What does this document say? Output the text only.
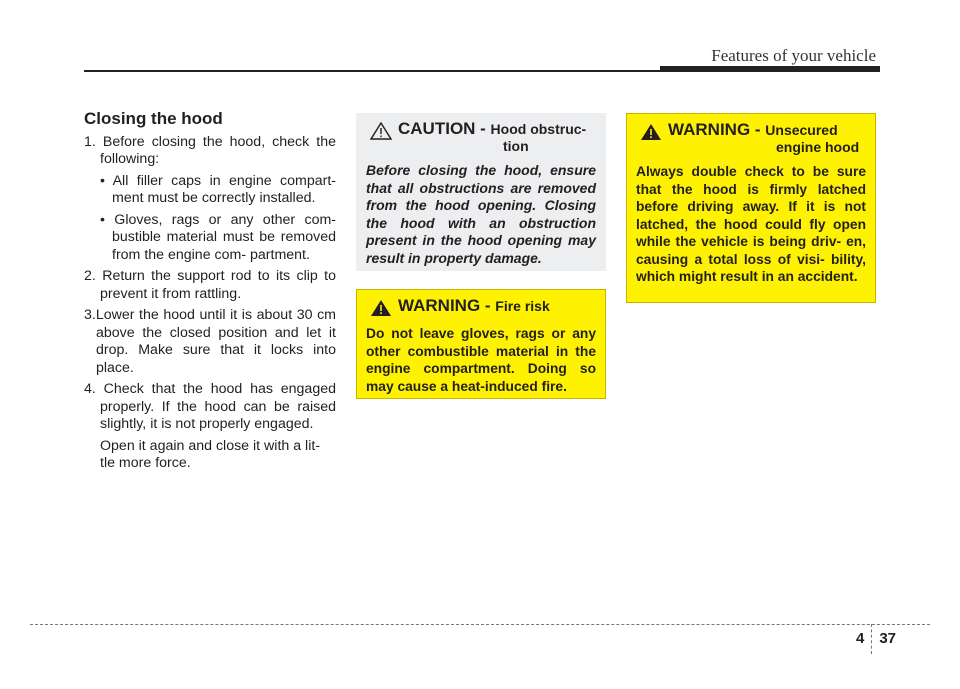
Features of your vehicle
Closing the hood
1. Before closing the hood, check the following:
• All filler caps in engine compart- ment must be correctly installed.
• Gloves, rags or any other com- bustible material must be removed from the engine com- partment.
2. Return the support rod to its clip to prevent it from rattling.
3.Lower the hood until it is about 30 cm above the closed position and let it drop. Make sure that it locks into place.
4. Check that the hood has engaged properly. If the hood can be raised slightly, it is not properly engaged.
Open it again and close it with a lit- tle more force.
CAUTION - Hood obstruc-
tion
Before closing the hood, ensure that all obstructions are removed from the hood opening. Closing the hood with an obstruction present in the hood opening may result in property damage.
WARNING - Fire risk
Do not leave gloves, rags or any other combustible material in the engine compartment. Doing so may cause a heat-induced fire.
WARNING - Unsecured
engine hood
Always double check to be sure that the hood is firmly latched before driving away. If it is not latched, the hood could fly open while the vehicle is being driv- en, causing a total loss of visi- bility, which might result in an accident.
4	37
